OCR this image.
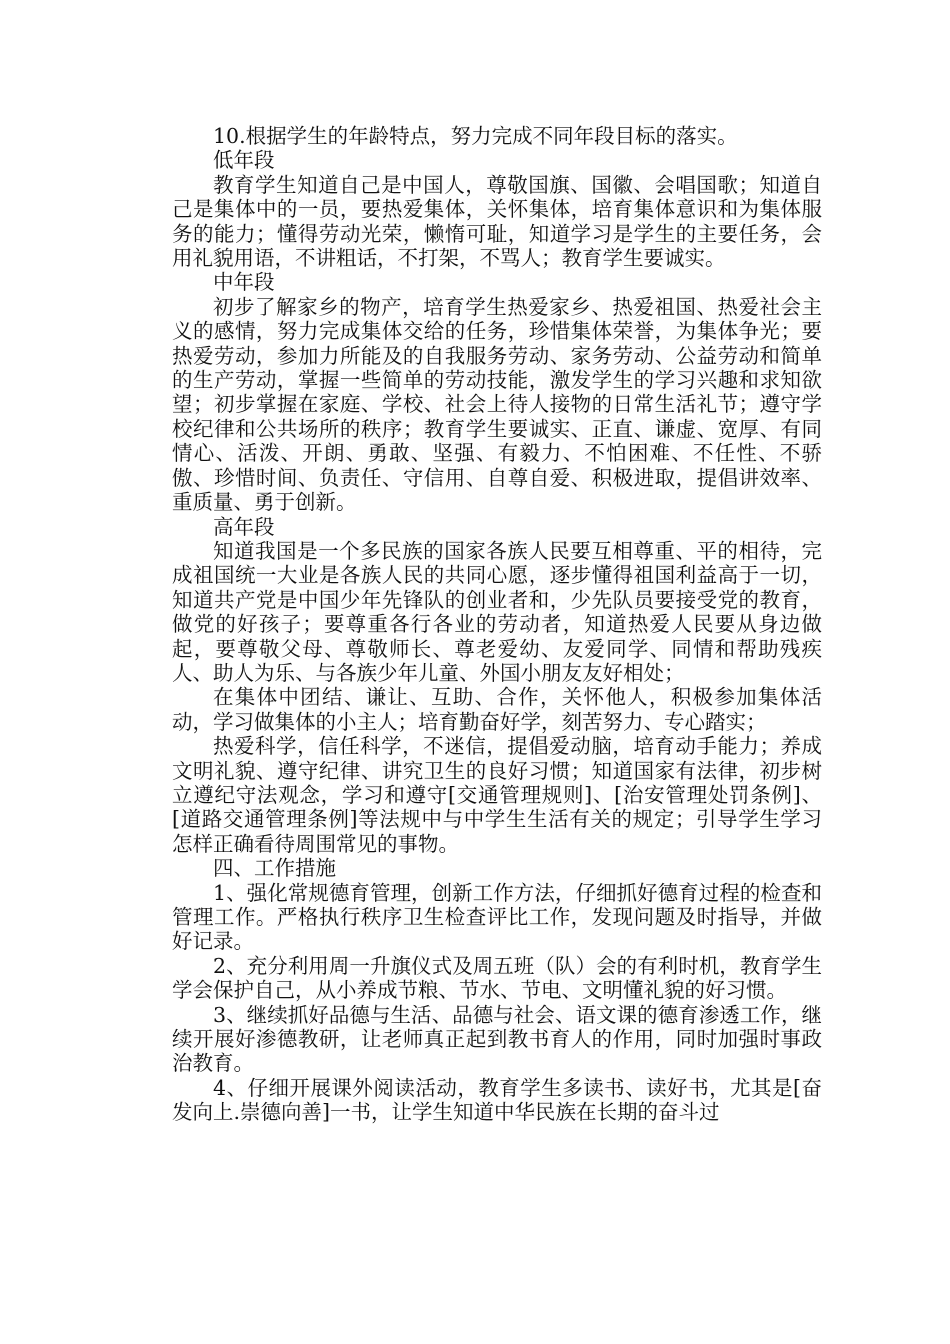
10.根据学生的年龄特点，努力完成不同年段目标的落实。

低年段

教育学生知道自己是中国人，尊敬国旗、国徽、会唱国歌；知道自己是集体中的一员，要热爱集体，关怀集体，培育集体意识和为集体服务的能力；懂得劳动光荣，懒惰可耻，知道学习是学生的主要任务，会用礼貌用语，不讲粗话，不打架，不骂人；教育学生要诚实。

中年段

初步了解家乡的物产，培育学生热爱家乡、热爱祖国、热爱社会主义的感情，努力完成集体交给的任务，珍惜集体荣誉，为集体争光；要热爱劳动，参加力所能及的自我服务劳动、家务劳动、公益劳动和简单的生产劳动，掌握一些简单的劳动技能，激发学生的学习兴趣和求知欲望；初步掌握在家庭、学校、社会上待人接物的日常生活礼节；遵守学校纪律和公共场所的秩序；教育学生要诚实、正直、谦虚、宽厚、有同情心、活泼、开朗、勇敢、坚强、有毅力、不怕困难、不任性、不骄傲、珍惜时间、负责任、守信用、自尊自爱、积极进取，提倡讲效率、重质量、勇于创新。

高年段

知道我国是一个多民族的国家各族人民要互相尊重、平的相待，完成祖国统一大业是各族人民的共同心愿，逐步懂得祖国利益高于一切，知道共产党是中国少年先锋队的创业者和，少先队员要接受党的教育，做党的好孩子；要尊重各行各业的劳动者，知道热爱人民要从身边做起，要尊敬父母、尊敬师长、尊老爱幼、友爱同学、同情和帮助残疾人、助人为乐、与各族少年儿童、外国小朋友友好相处；

在集体中团结、谦让、互助、合作，关怀他人，积极参加集体活动，学习做集体的小主人；培育勤奋好学，刻苦努力、专心踏实；

热爱科学，信任科学，不迷信，提倡爱动脑，培育动手能力；养成文明礼貌、遵守纪律、讲究卫生的良好习惯；知道国家有法律，初步树立遵纪守法观念，学习和遵守[交通管理规则]、[治安管理处罚条例]、[道路交通管理条例]等法规中与中学生生活有关的规定；引导学生学习怎样正确看待周围常见的事物。

四、工作措施

1、强化常规德育管理，创新工作方法，仔细抓好德育过程的检查和管理工作。严格执行秩序卫生检查评比工作，发现问题及时指导，并做好记录。

2、充分利用周一升旗仪式及周五班（队）会的有利时机，教育学生学会保护自己，从小养成节粮、节水、节电、文明懂礼貌的好习惯。

3、继续抓好品德与生活、品德与社会、语文课的德育渗透工作，继续开展好渗德教研，让老师真正起到教书育人的作用，同时加强时事政治教育。

4、仔细开展课外阅读活动，教育学生多读书、读好书，尤其是[奋发向上.崇德向善]一书，让学生知道中华民族在长期的奋斗过
